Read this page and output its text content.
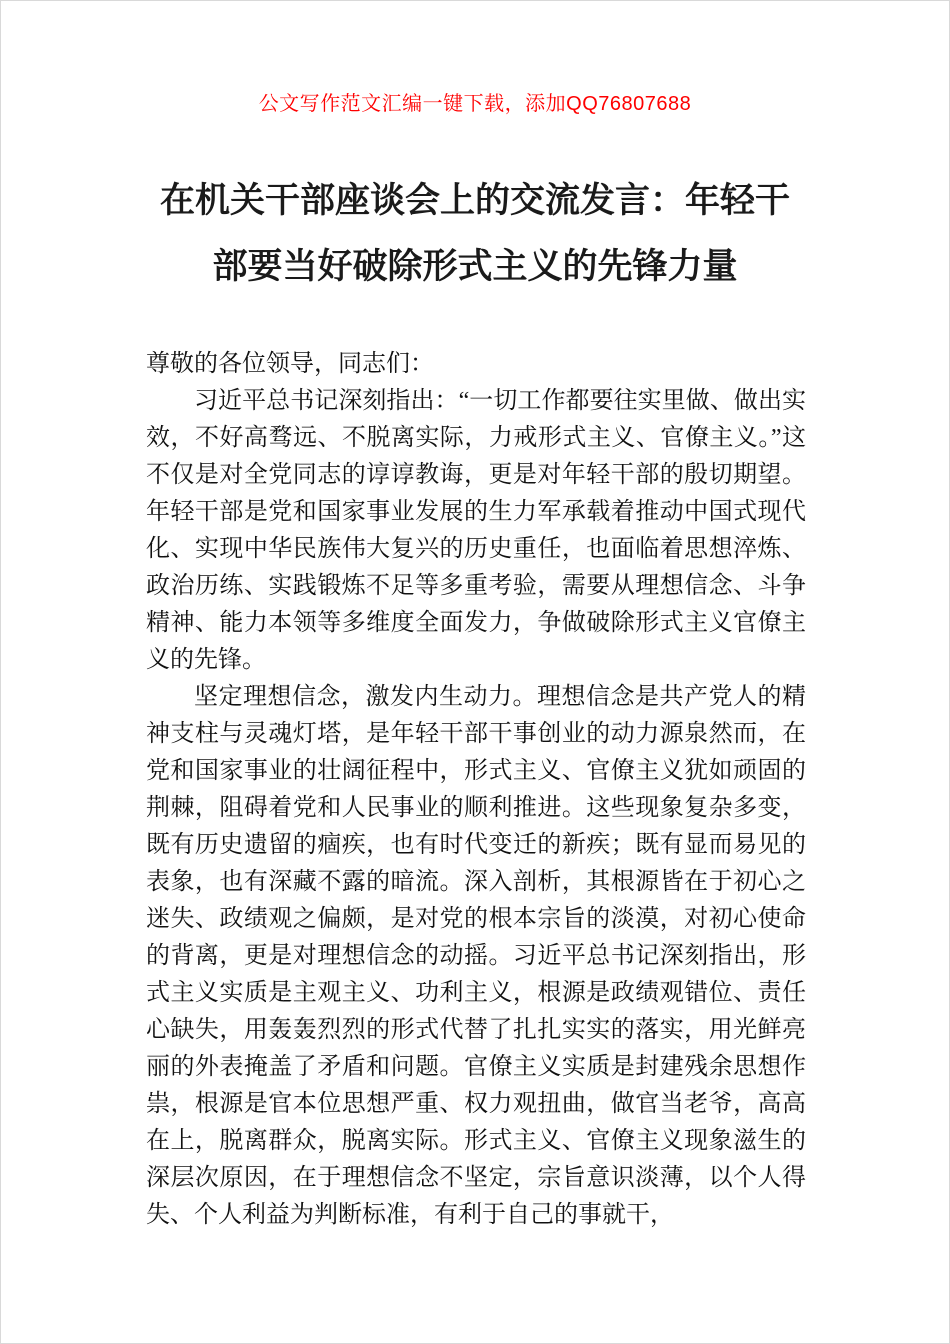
公文写作范文汇编一键下载，添加QQ76807688
在机关干部座谈会上的交流发言：年轻干
部要当好破除形式主义的先锋力量

尊敬的各位领导，同志们：

习近平总书记深刻指出：“一切工作都要往实里做、做出实效，不好高骛远、不脱离实际，力戒形式主义、官僚主义。”这不仅是对全党同志的谆谆教诲，更是对年轻干部的殷切期望。年轻干部是党和国家事业发展的生力军承载着推动中国式现代化、实现中华民族伟大复兴的历史重任，也面临着思想淬炼、政治历练、实践锻炼不足等多重考验，需要从理想信念、斗争精神、能力本领等多维度全面发力，争做破除形式主义官僚主义的先锋。

坚定理想信念，激发内生动力。理想信念是共产党人的精神支柱与灵魂灯塔，是年轻干部干事创业的动力源泉然而，在党和国家事业的壮阔征程中，形式主义、官僚主义犹如顽固的荆棘，阻碍着党和人民事业的顺利推进。这些现象复杂多变，既有历史遗留的痼疾，也有时代变迁的新疾；既有显而易见的表象，也有深藏不露的暗流。深入剖析，其根源皆在于初心之迷失、政绩观之偏颇，是对党的根本宗旨的淡漠，对初心使命的背离，更是对理想信念的动摇。习近平总书记深刻指出，形式主义实质是主观主义、功利主义，根源是政绩观错位、责任心缺失，用轰轰烈烈的形式代替了扎扎实实的落实，用光鲜亮丽的外表掩盖了矛盾和问题。官僚主义实质是封建残余思想作祟，根源是官本位思想严重、权力观扭曲，做官当老爷，高高在上，脱离群众，脱离实际。形式主义、官僚主义现象滋生的深层次原因，在于理想信念不坚定，宗旨意识淡薄，以个人得失、个人利益为判断标准，有利于自己的事就干，
